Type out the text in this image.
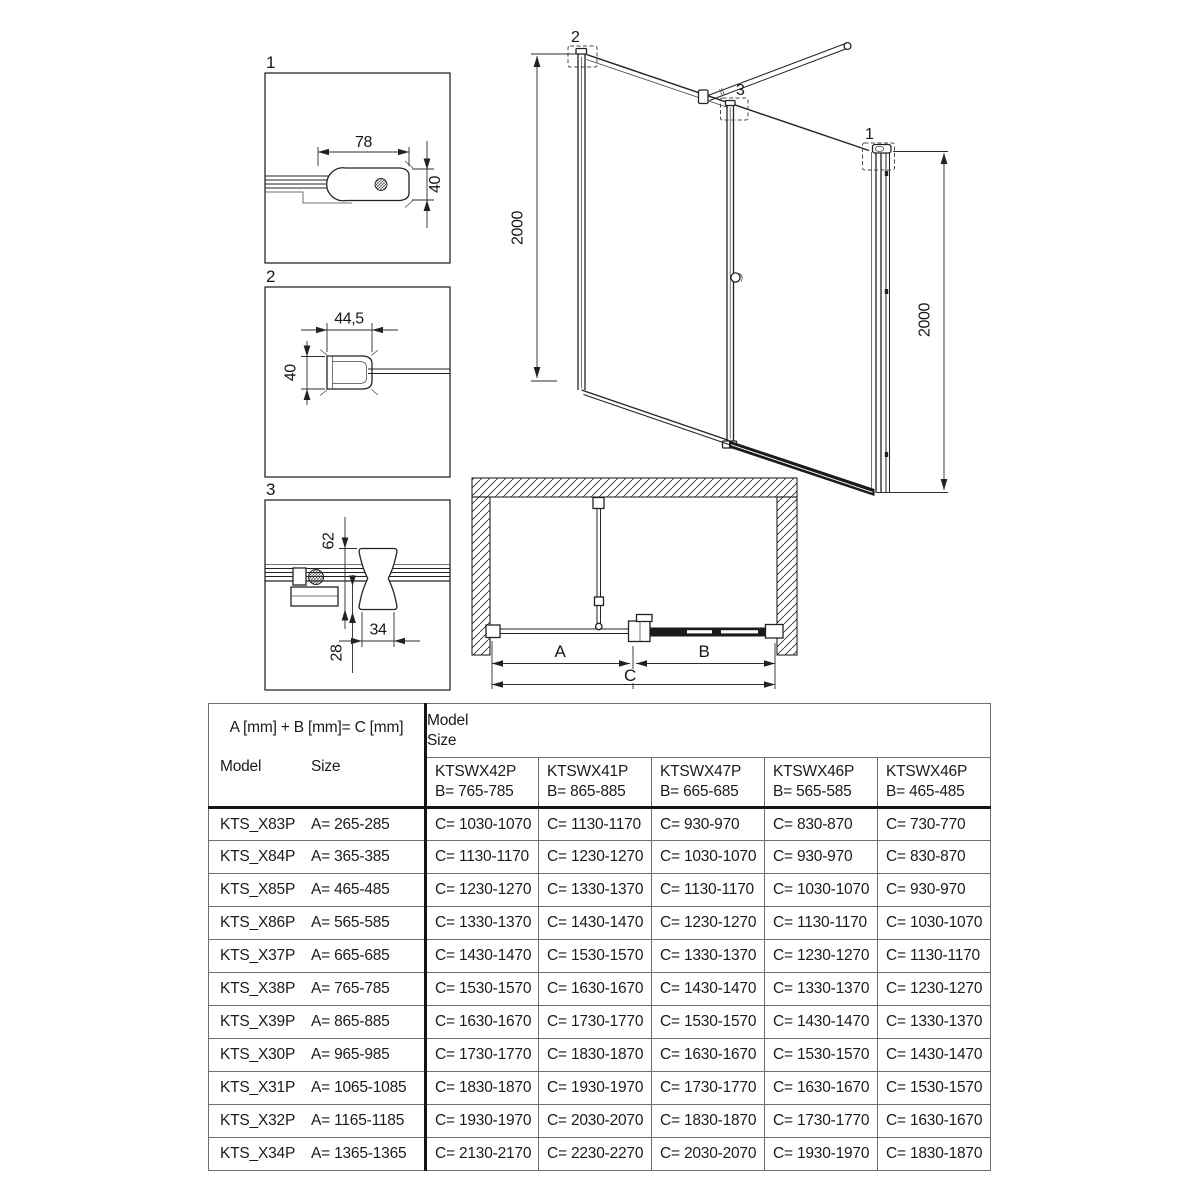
1
78
40
2
44,5
40
3
62
34
28
2
2000
3
1
2000
A	B
C
A [mm] + B [mm]= C [mm]
Model	Size

Model
Size

KTSWX42P
B= 765-785

KTSWX41P
B= 865-885

KTSWX47P
B= 665-685

KTSWX46P
B= 565-585

KTSWX46P
B= 465-485

KTS_X83P A= 265-285	C= 1030-1070	C= 1130-1170	C= 930-970	C= 830-870	C= 730-770

KTS_X84P A= 365-385	C= 1130-1170	C= 1230-1270	C= 1030-1070	C= 930-970	C= 830-870

KTS_X85P A= 465-485	C= 1230-1270	C= 1330-1370	C= 1130-1170	C= 1030-1070	C= 930-970

KTS_X86P A= 565-585	C= 1330-1370	C= 1430-1470	C= 1230-1270	C= 1130-1170	C= 1030-1070

KTS_X37P A= 665-685	C= 1430-1470	C= 1530-1570	C= 1330-1370	C= 1230-1270	C= 1130-1170

KTS_X38P A= 765-785	C= 1530-1570	C= 1630-1670	C= 1430-1470	C= 1330-1370	C= 1230-1270

KTS_X39P A= 865-885	C= 1630-1670	C= 1730-1770	C= 1530-1570	C= 1430-1470	C= 1330-1370

KTS_X30P A= 965-985	C= 1730-1770	C= 1830-1870	C= 1630-1670	C= 1530-1570	C= 1430-1470

KTS_X31P A= 1065-1085	C= 1830-1870	C= 1930-1970	C= 1730-1770	C= 1630-1670	C= 1530-1570

KTS_X32P A= 1165-1185	C= 1930-1970	C= 2030-2070	C= 1830-1870	C= 1730-1770	C= 1630-1670

KTS_X34P A= 1365-1365	C= 2130-2170	C= 2230-2270	C= 2030-2070	C= 1930-1970	C= 1830-1870
